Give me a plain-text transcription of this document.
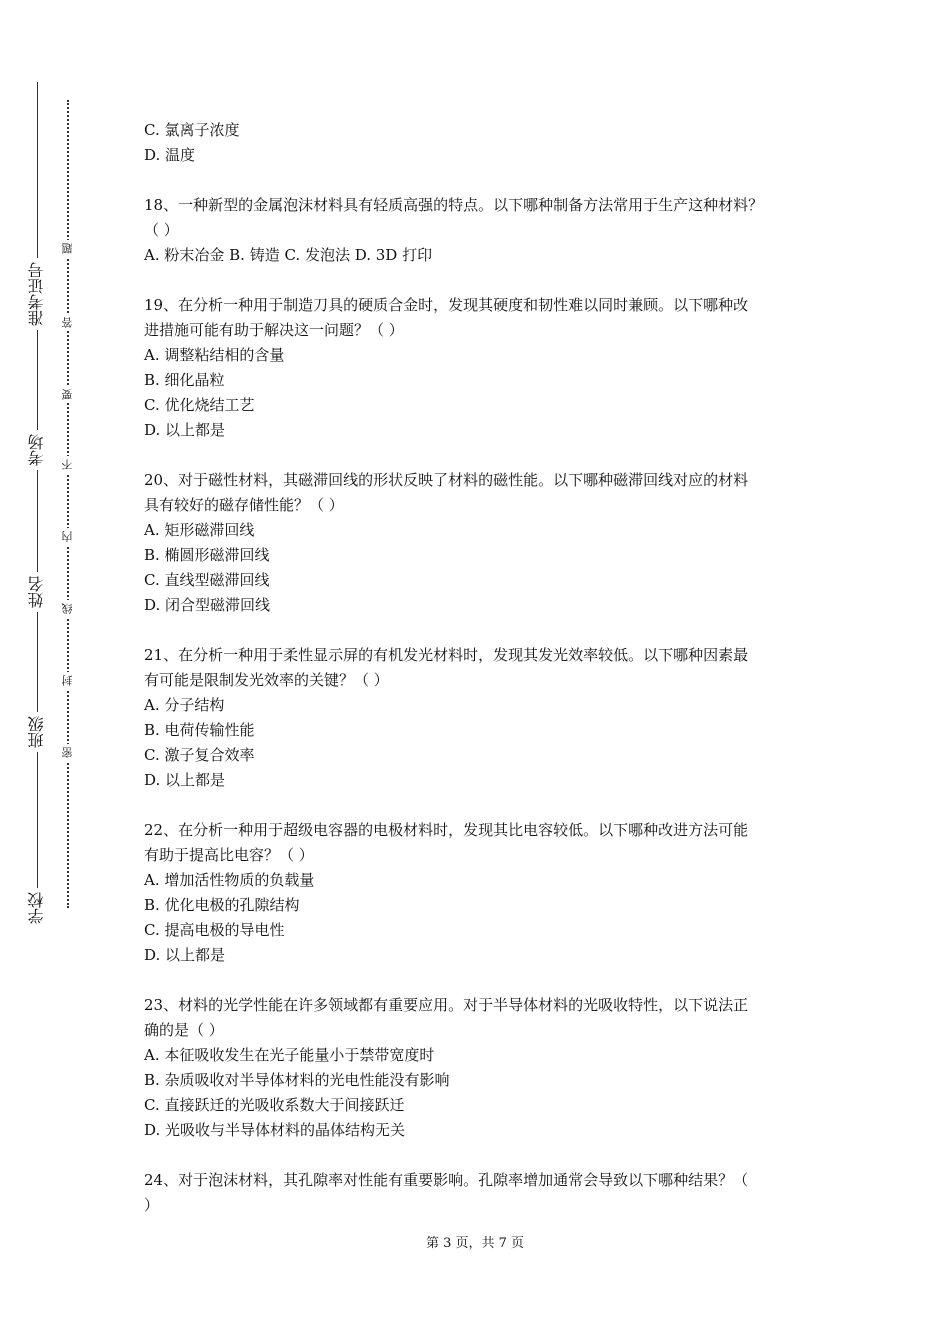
准考证号
考场
姓名
班级
学校
题
答
要
不
内
线
封
密
C. 氯离子浓度
D. 温度
18、一种新型的金属泡沫材料具有轻质高强的特点。以下哪种制备方法常用于生产这种材料？
（ ）
A. 粉末冶金 B. 铸造 C. 发泡法 D. 3D 打印
19、在分析一种用于制造刀具的硬质合金时，发现其硬度和韧性难以同时兼顾。以下哪种改
进措施可能有助于解决这一问题？（ ）
A. 调整粘结相的含量
B. 细化晶粒
C. 优化烧结工艺
D. 以上都是
20、对于磁性材料，其磁滞回线的形状反映了材料的磁性能。以下哪种磁滞回线对应的材料
具有较好的磁存储性能？（ ）
A. 矩形磁滞回线
B. 椭圆形磁滞回线
C. 直线型磁滞回线
D. 闭合型磁滞回线
21、在分析一种用于柔性显示屏的有机发光材料时，发现其发光效率较低。以下哪种因素最
有可能是限制发光效率的关键？（ ）
A. 分子结构
B. 电荷传输性能
C. 激子复合效率
D. 以上都是
22、在分析一种用于超级电容器的电极材料时，发现其比电容较低。以下哪种改进方法可能
有助于提高比电容？（ ）
A. 增加活性物质的负载量
B. 优化电极的孔隙结构
C. 提高电极的导电性
D. 以上都是
23、材料的光学性能在许多领域都有重要应用。对于半导体材料的光吸收特性，以下说法正
确的是（ ）
A. 本征吸收发生在光子能量小于禁带宽度时
B. 杂质吸收对半导体材料的光电性能没有影响
C. 直接跃迁的光吸收系数大于间接跃迁
D. 光吸收与半导体材料的晶体结构无关
24、对于泡沫材料，其孔隙率对性能有重要影响。孔隙率增加通常会导致以下哪种结果？（
）
第 3 页，共 7 页
